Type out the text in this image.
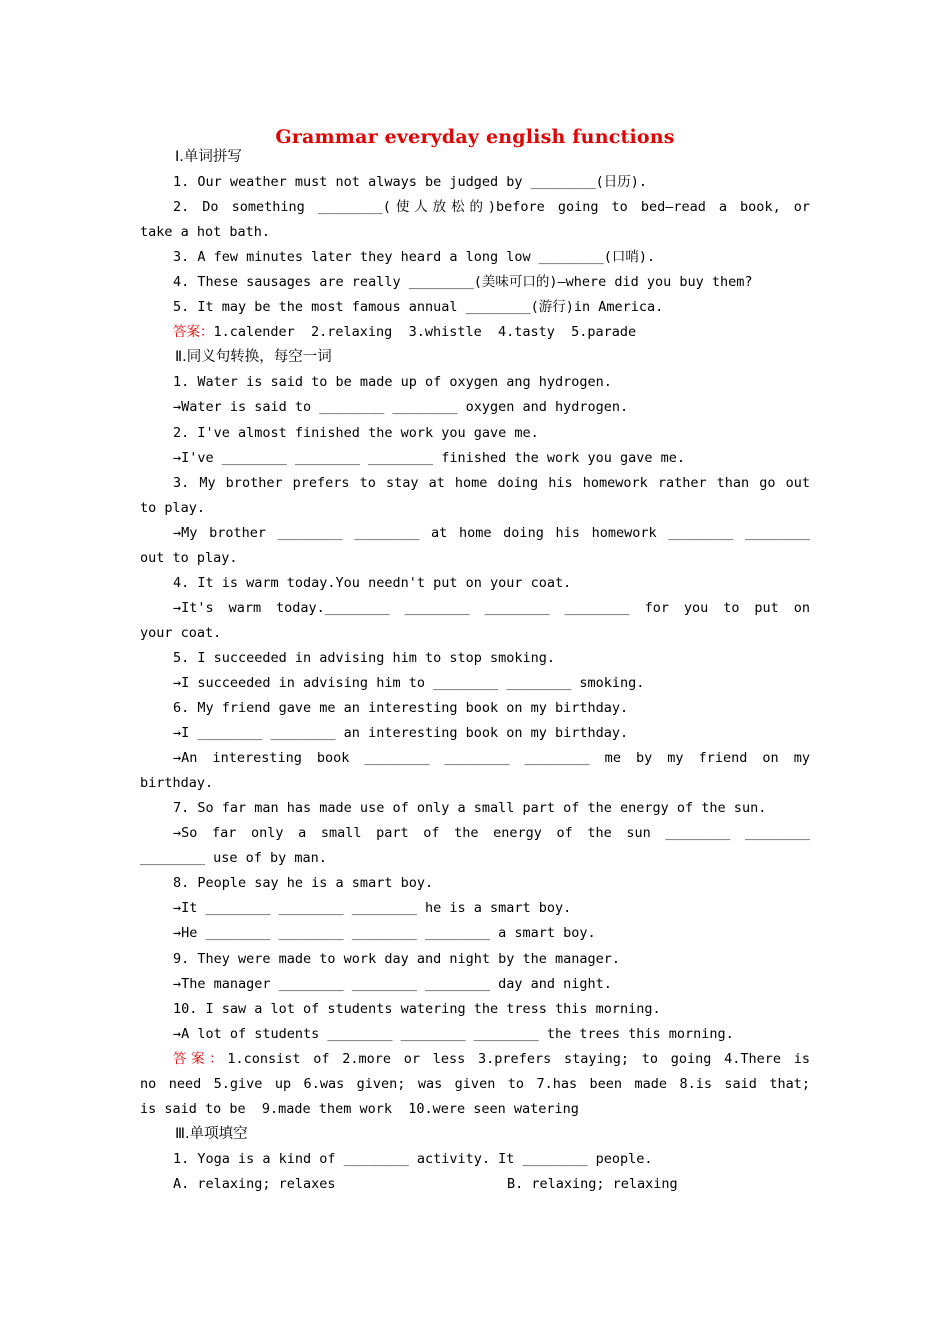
Grammar everyday english functions
Ⅰ.单词拼写
1. Our weather must not always be judged by ________(日历).
2. Do something ________(使人放松的)before going to bed—read a book, or
take a hot bath.
3. A few minutes later they heard a long low ________(口哨).
4. These sausages are really ________(美味可口的)—where did you buy them?
5. It may be the most famous annual ________(游行)in America.
答案：1.calender  2.relaxing  3.whistle  4.tasty  5.parade
Ⅱ.同义句转换，每空一词
1. Water is said to be made up of oxygen ang hydrogen.
→Water is said to ________ ________ oxygen and hydrogen.
2. I've almost finished the work you gave me.
→I've ________ ________ ________ finished the work you gave me.
3. My brother prefers to stay at home doing his homework rather than go out
to play.
→My brother ________ ________ at home doing his homework ________ ________
out to play.
4. It is warm today.You needn't put on your coat.
→It's warm today.________ ________ ________ ________ for you to put on
your coat.
5. I succeeded in advising him to stop smoking.
→I succeeded in advising him to ________ ________ smoking.
6. My friend gave me an interesting book on my birthday.
→I ________ ________ an interesting book on my birthday.
→An interesting book ________ ________ ________ me by my friend on my
birthday.
7. So far man has made use of only a small part of the energy of the sun.
→So far only a small part of the energy of the sun ________ ________
________ use of by man.
8. People say he is a smart boy.
→It ________ ________ ________ he is a smart boy.
→He ________ ________ ________ ________ a smart boy.
9. They were made to work day and night by the manager.
→The manager ________ ________ ________ day and night.
10. I saw a lot of students watering the tress this morning.
→A lot of students ________ ________ ________ the trees this morning.
答案：1.consist of 2.more or less 3.prefers staying; to going 4.There is
no need 5.give up 6.was given; was given to 7.has been made 8.is said that;
is said to be  9.made them work  10.were seen watering
Ⅲ.单项填空
1. Yoga is a kind of ________ activity. It ________ people.
A. relaxing; relaxes	B. relaxing; relaxing
